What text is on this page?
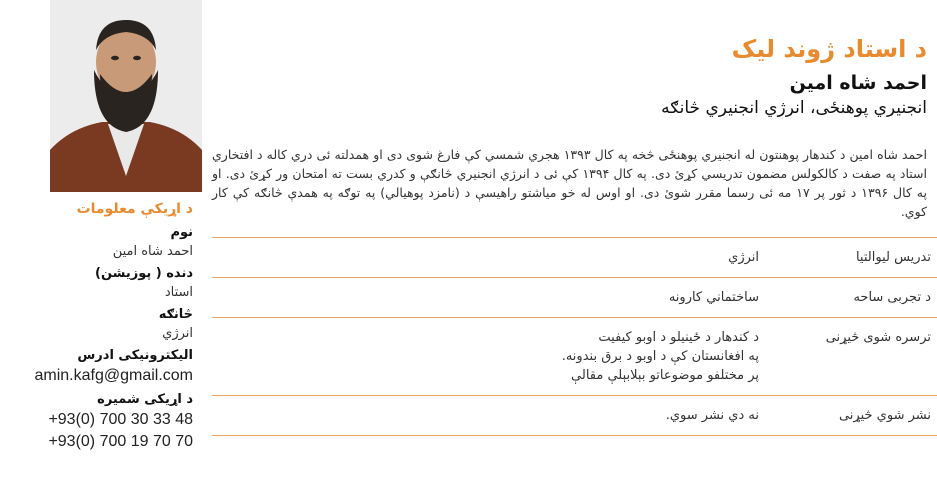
د اړیکې معلومات
نوم
احمد شاه امین
دنده ( پوزیشن)
استاد
څانګه
انرژي
الیکترونیکی ادرس
amin.kafg@gmail.com
د اړیکی شمیره
+93(0) 700 30 33 48
+93(0) 700 19 70 70
د استاد ژوند لیک
احمد شاه امین
انجنيري پوهنځی، انرژي انجنيري څانګه
احمد شاه امین د کندهار پوهنتون له انجنیري پوهنځی څخه په کال ۱۳۹۳ هجري شمسي کې فارغ شوی دی او همدلته ئی دري کاله د افتخاري استاد په صفت د کالکولس مضمون تدریسي کړئ دی. په کال ۱۳۹۴ کې ئی د انرژي انجنیري څانګې و کدري بست ته امتحان ور کړئ دی. او په کال ۱۳۹۶ د ثور پر ۱۷ مه ئی رسما مقرر شوئ دی. او اوس له خو میاشتو راهیسې د (نامزد پوهیالي) په توګه په همدې څانګه کې کار کوي.
تدریس لیوالتیا
انرژي
د تجربی ساحه
ساختماني کارونه
ترسره شوی څیړنی
د کندهار د ځینیلو د اوبو کیفیت
په افغانستان کې د اوبو د برق بندونه.
پر مختلفو موضوعاتو بېلابېلې مقالې
نشر شوي څیړنی
نه دي نشر سوي.
